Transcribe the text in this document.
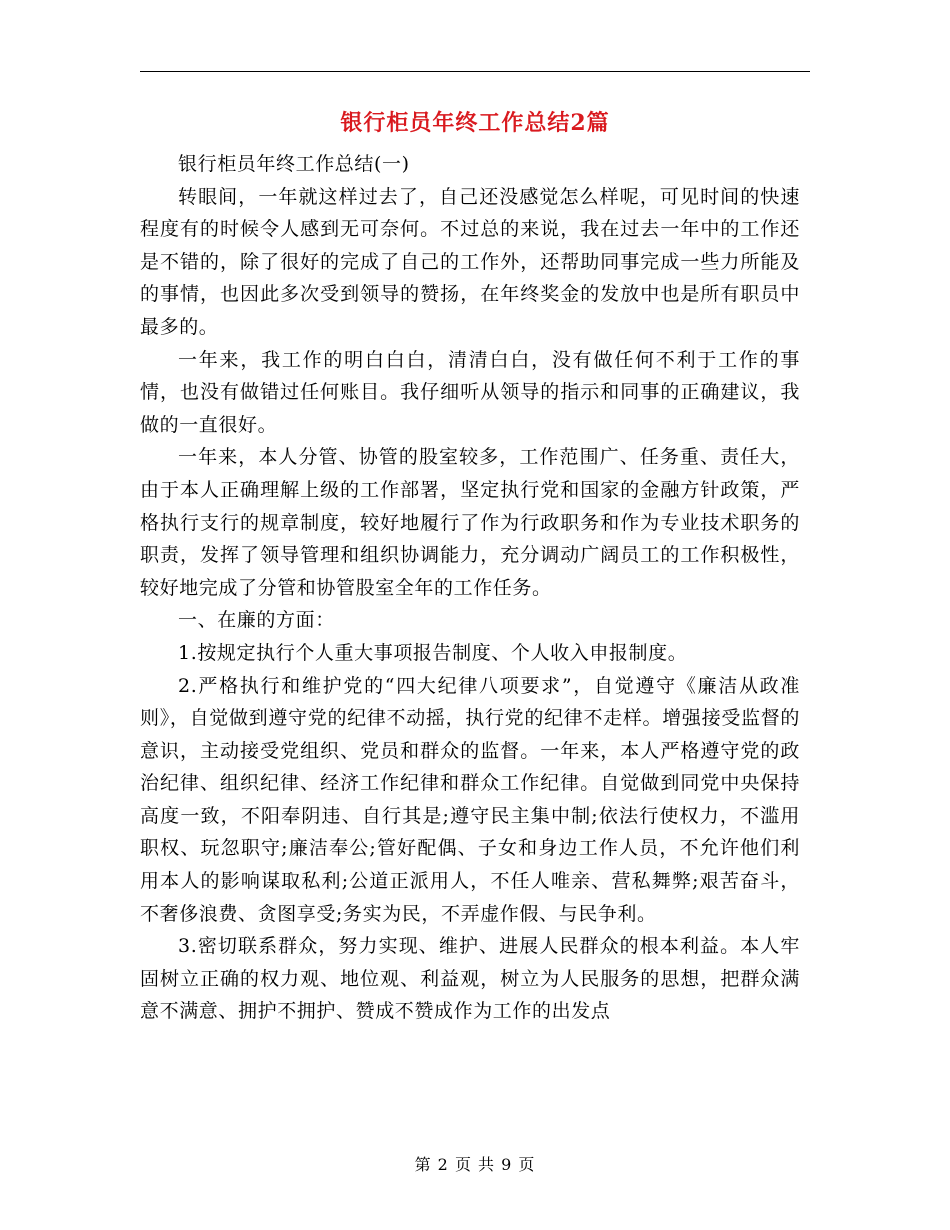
银行柜员年终工作总结2篇

银行柜员年终工作总结(一)

转眼间，一年就这样过去了，自己还没感觉怎么样呢，可见时间的快速程度有的时候令人感到无可奈何。不过总的来说，我在过去一年中的工作还是不错的，除了很好的完成了自己的工作外，还帮助同事完成一些力所能及的事情，也因此多次受到领导的赞扬，在年终奖金的发放中也是所有职员中最多的。

一年来，我工作的明白白白，清清白白，没有做任何不利于工作的事情，也没有做错过任何账目。我仔细听从领导的指示和同事的正确建议，我做的一直很好。

一年来，本人分管、协管的股室较多，工作范围广、任务重、责任大，由于本人正确理解上级的工作部署，坚定执行党和国家的金融方针政策，严格执行支行的规章制度，较好地履行了作为行政职务和作为专业技术职务的职责，发挥了领导管理和组织协调能力，充分调动广阔员工的工作积极性，较好地完成了分管和协管股室全年的工作任务。

一、在廉的方面：

1.按规定执行个人重大事项报告制度、个人收入申报制度。

2.严格执行和维护党的“四大纪律八项要求”，自觉遵守《廉洁从政准则》，自觉做到遵守党的纪律不动摇，执行党的纪律不走样。增强接受监督的意识，主动接受党组织、党员和群众的监督。一年来，本人严格遵守党的政治纪律、组织纪律、经济工作纪律和群众工作纪律。自觉做到同党中央保持高度一致，不阳奉阴违、自行其是;遵守民主集中制;依法行使权力，不滥用职权、玩忽职守;廉洁奉公;管好配偶、子女和身边工作人员，不允许他们利用本人的影响谋取私利;公道正派用人，不任人唯亲、营私舞弊;艰苦奋斗，不奢侈浪费、贪图享受;务实为民，不弄虚作假、与民争利。

3.密切联系群众，努力实现、维护、进展人民群众的根本利益。本人牢固树立正确的权力观、地位观、利益观，树立为人民服务的思想，把群众满意不满意、拥护不拥护、赞成不赞成作为工作的出发点

第 2 页 共 9 页
